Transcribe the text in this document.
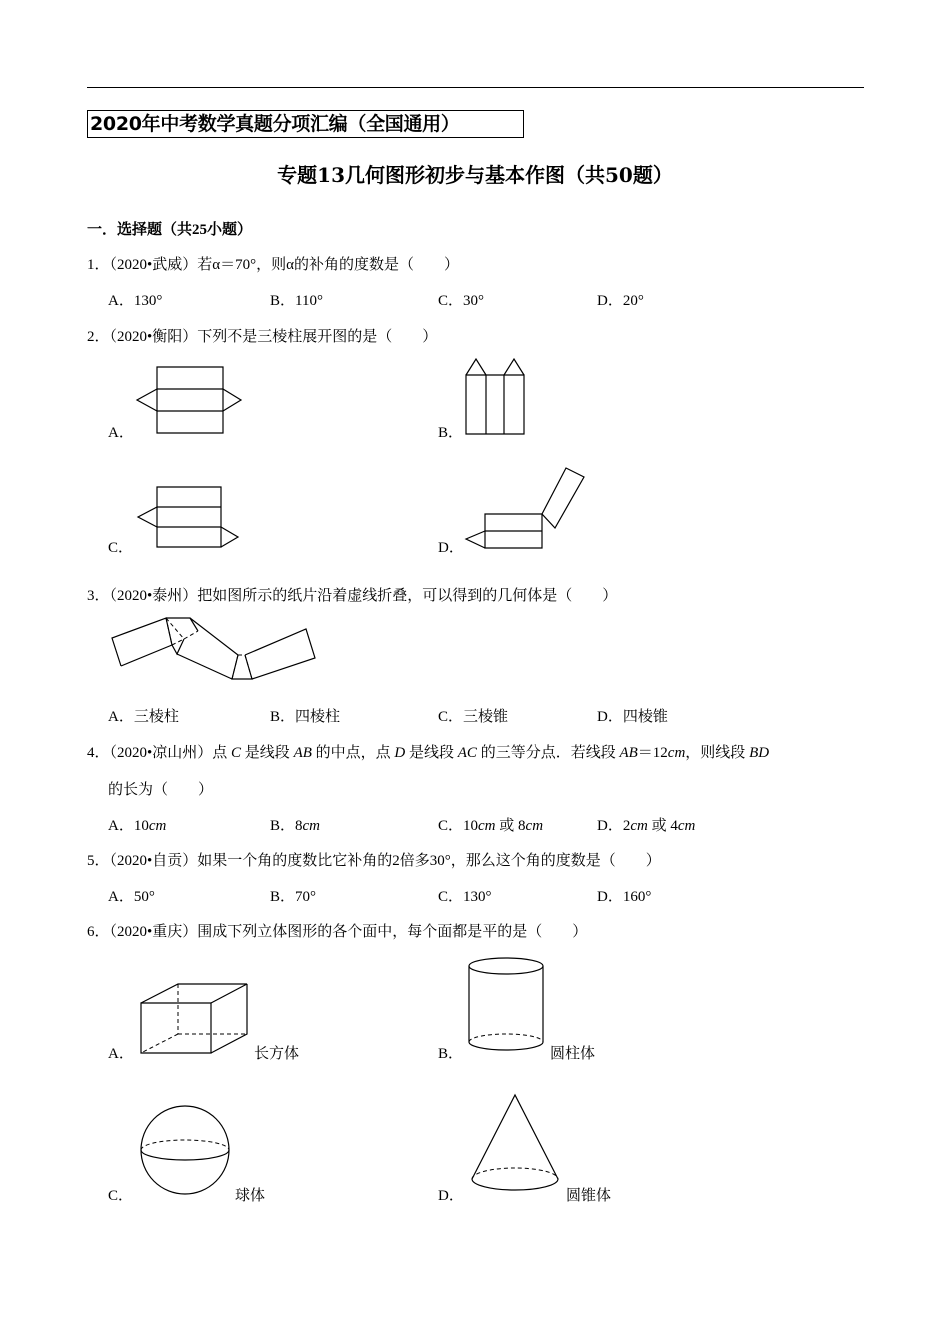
2020年中考数学真题分项汇编（全国通用）
专题13几何图形初步与基本作图（共50题）
一．选择题（共25小题）
1．（2020•武威）若α＝70°，则α的补角的度数是（　　）
A．130°	B．110°	C．30°	D．20°
2．（2020•衡阳）下列不是三棱柱展开图的是（　　）
A．	B．
C．	D．
3．（2020•泰州）把如图所示的纸片沿着虚线折叠，可以得到的几何体是（　　）
A．三棱柱	B．四棱柱	C．三棱锥	D．四棱锥
4．（2020•凉山州）点 C 是线段 AB 的中点，点 D 是线段 AC 的三等分点．若线段 AB＝12cm，则线段 BD
的长为（　　）
A．10cm	B．8cm	C．10cm 或 8cm	D．2cm 或 4cm
5．（2020•自贡）如果一个角的度数比它补角的2倍多30°，那么这个角的度数是（　　）
A．50°	B．70°	C．130°	D．160°
6．（2020•重庆）围成下列立体图形的各个面中，每个面都是平的是（　　）
A．	长方体	B．	圆柱体
C．	球体	D．	圆锥体
